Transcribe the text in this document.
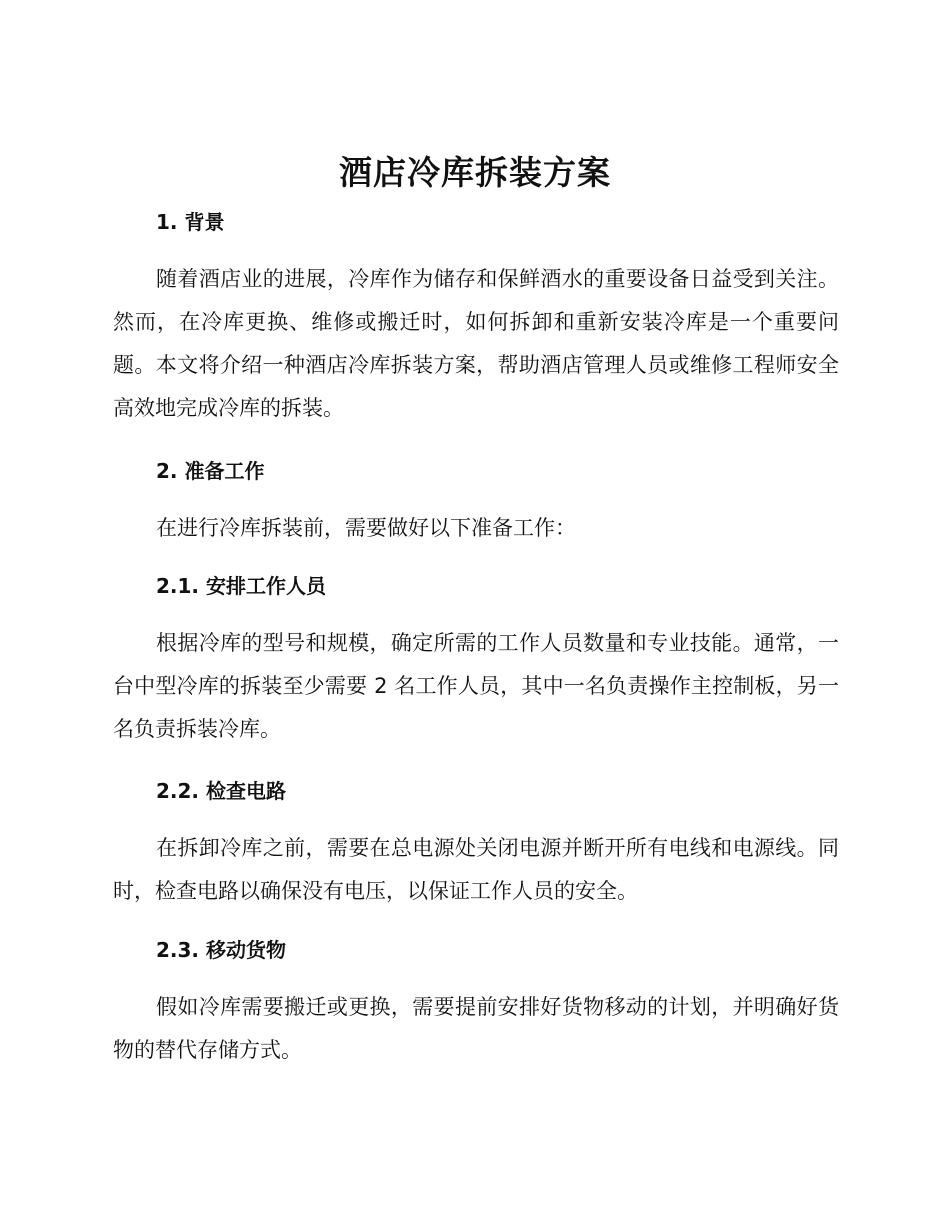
酒店冷库拆装方案
1. 背景

随着酒店业的进展，冷库作为储存和保鲜酒水的重要设备日益受到关注。然而，在冷库更换、维修或搬迁时，如何拆卸和重新安装冷库是一个重要问题。本文将介绍一种酒店冷库拆装方案，帮助酒店管理人员或维修工程师安全高效地完成冷库的拆装。

2. 准备工作

在进行冷库拆装前，需要做好以下准备工作：

2.1. 安排工作人员

根据冷库的型号和规模，确定所需的工作人员数量和专业技能。通常，一台中型冷库的拆装至少需要 2 名工作人员，其中一名负责操作主控制板，另一名负责拆装冷库。

2.2. 检查电路

在拆卸冷库之前，需要在总电源处关闭电源并断开所有电线和电源线。同时，检查电路以确保没有电压，以保证工作人员的安全。

2.3. 移动货物

假如冷库需要搬迁或更换，需要提前安排好货物移动的计划，并明确好货物的替代存储方式。
